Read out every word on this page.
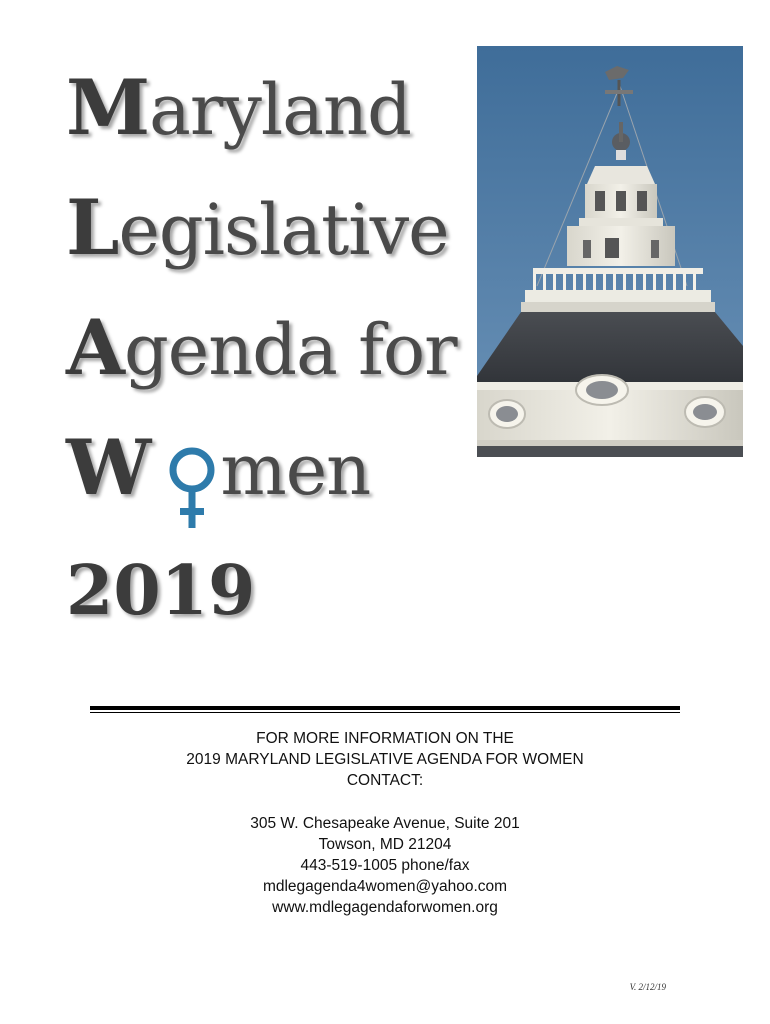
Maryland
Legislative
Agenda for
W men
2019
FOR MORE INFORMATION ON THE
2019 MARYLAND LEGISLATIVE AGENDA FOR WOMEN
CONTACT:
305 W. Chesapeake Avenue, Suite 201
Towson, MD 21204
443-519-1005 phone/fax
mdlegagenda4women@yahoo.com
www.mdlegagendaforwomen.org
V. 2/12/19
